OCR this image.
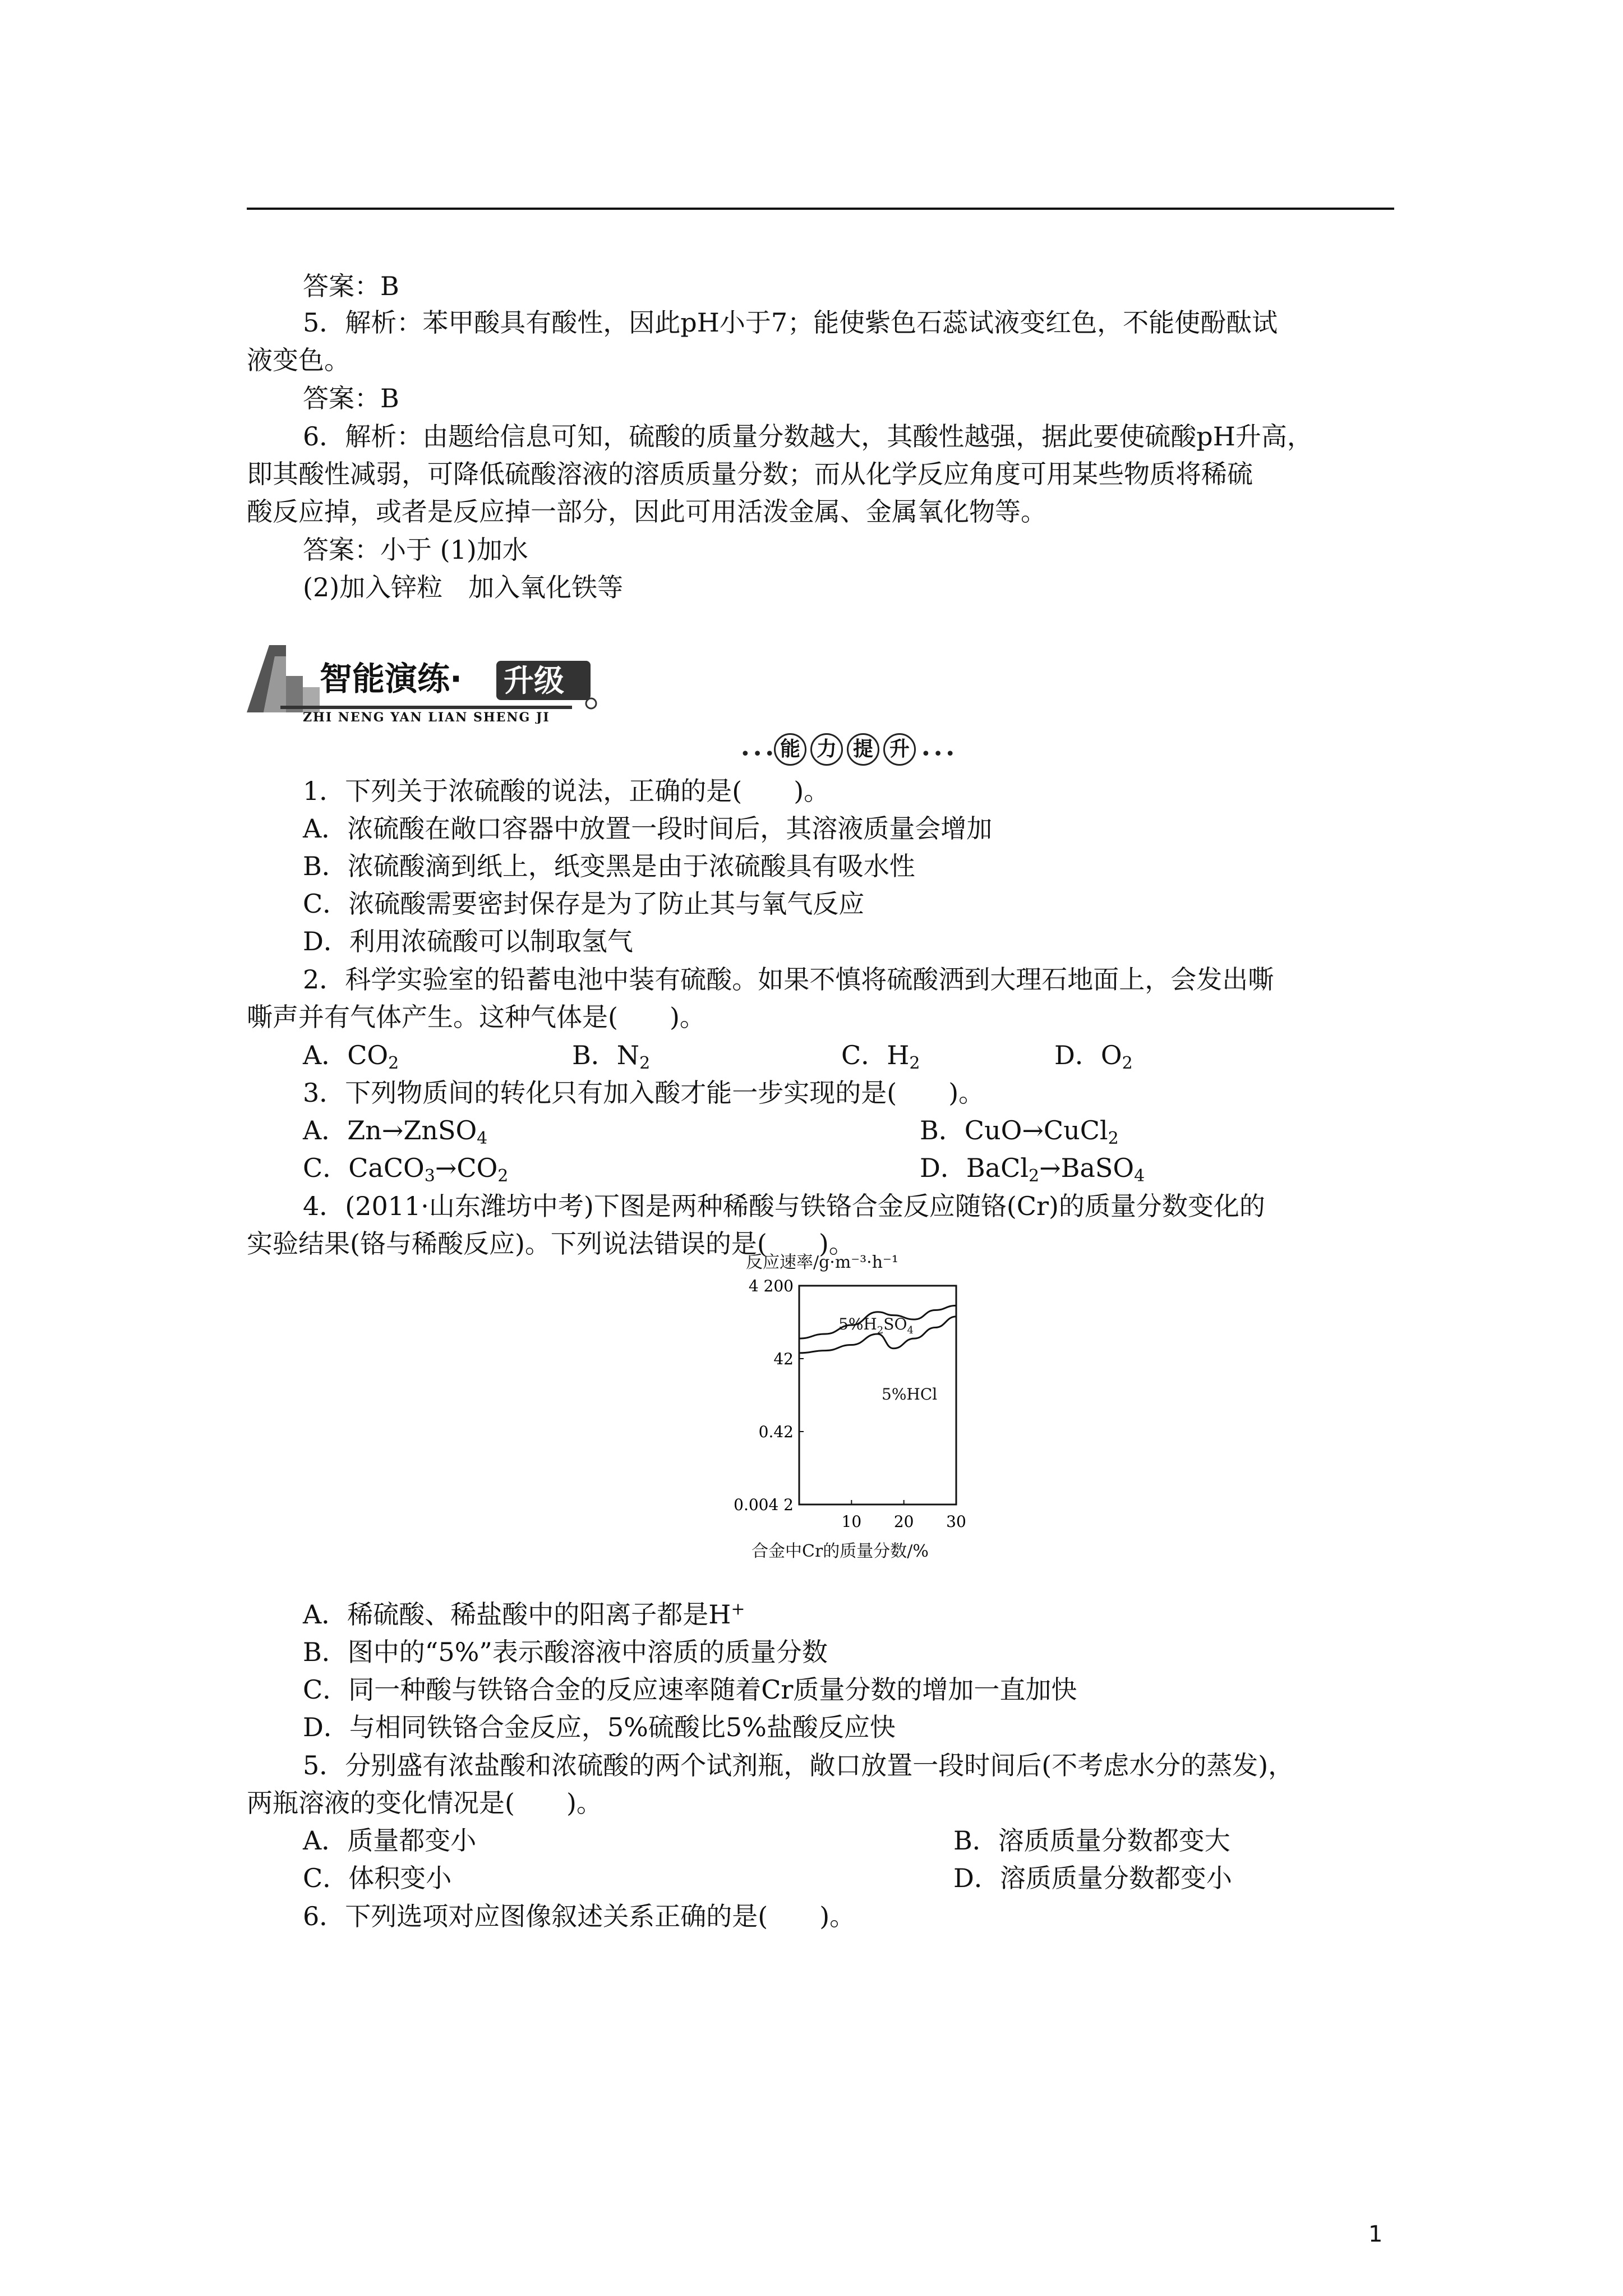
答案：B
5．解析：苯甲酸具有酸性，因此pH小于7；能使紫色石蕊试液变红色，不能使酚酞试
液变色。
答案：B
6．解析：由题给信息可知，硫酸的质量分数越大，其酸性越强，据此要使硫酸pH升高，
即其酸性减弱，可降低硫酸溶液的溶质质量分数；而从化学反应角度可用某些物质将稀硫
酸反应掉，或者是反应掉一部分，因此可用活泼金属、金属氧化物等。
答案：小于 (1)加水
(2)加入锌粒　加入氧化铁等
智能演练· 升级
ZHI NENG YAN LIAN SHENG JI
••• 能 力 提 升 •••
1．下列关于浓硫酸的说法，正确的是(　　)。
A．浓硫酸在敞口容器中放置一段时间后，其溶液质量会增加
B．浓硫酸滴到纸上，纸变黑是由于浓硫酸具有吸水性
C．浓硫酸需要密封保存是为了防止其与氧气反应
D．利用浓硫酸可以制取氢气
2．科学实验室的铅蓄电池中装有硫酸。如果不慎将硫酸洒到大理石地面上，会发出嘶
嘶声并有气体产生。这种气体是(　　)。
A．$CO_2$	B．$N_2$	C．$H_2$	D．$O_2$
3．下列物质间的转化只有加入酸才能一步实现的是(　　)。
A．Zn→ZnSO$_4$	B．CuO→CuCl$_2$
C．$CaCO_3\to CO_2$	D．BaCl$_2$→BaSO$_4$
4．(2011·山东潍坊中考)下图是两种稀酸与铁铬合金反应随铬(Cr)的质量分数变化的
实验结果(铬与稀酸反应)。下列说法错误的是(　　)。
反应速率/g·m⁻³·h⁻¹
4 200
42
0.42
0.004 2
10 20 30
$5\%H_2SO_4$
5%HCl
合金中Cr的质量分数/%
A．稀硫酸、稀盐酸中的阳离子都是H+
B．图中的“5%”表示酸溶液中溶质的质量分数
C．同一种酸与铁铬合金的反应速率随着Cr质量分数的增加一直加快
D．与相同铁铬合金反应，5%硫酸比5%盐酸反应快
5．分别盛有浓盐酸和浓硫酸的两个试剂瓶，敞口放置一段时间后(不考虑水分的蒸发)，
两瓶溶液的变化情况是(　　)。
A．质量都变小	B．溶质质量分数都变大
C．体积变小	D．溶质质量分数都变小
6．下列选项对应图像叙述关系正确的是(　　)。
1
